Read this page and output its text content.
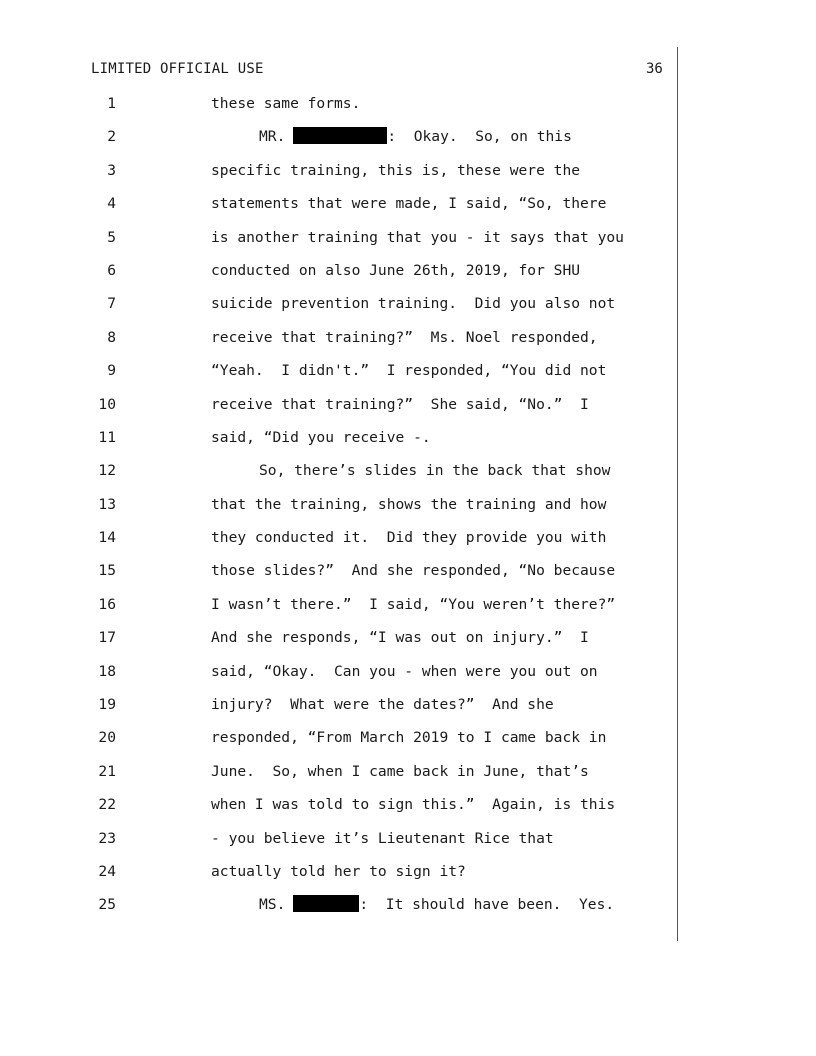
LIMITED OFFICIAL USE	36
1	these same forms.
2	MR.	:  Okay.  So, on this
3	specific training, this is, these were the
4	statements that were made, I said, “So, there
5	is another training that you - it says that you
6	conducted on also June 26th, 2019, for SHU
7	suicide prevention training.  Did you also not
8	receive that training?”  Ms. Noel responded,
9	“Yeah.  I didn't.”  I responded, “You did not
10	receive that training?”  She said, “No.”  I
11	said, “Did you receive -.
12	So, there’s slides in the back that show
13	that the training, shows the training and how
14	they conducted it.  Did they provide you with
15	those slides?”  And she responded, “No because
16	I wasn’t there.”  I said, “You weren’t there?”
17	And she responds, “I was out on injury.”  I
18	said, “Okay.  Can you - when were you out on
19	injury?  What were the dates?”  And she
20	responded, “From March 2019 to I came back in
21	June.  So, when I came back in June, that’s
22	when I was told to sign this.”  Again, is this
23	- you believe it’s Lieutenant Rice that
24	actually told her to sign it?
25	MS.	:  It should have been.  Yes.
